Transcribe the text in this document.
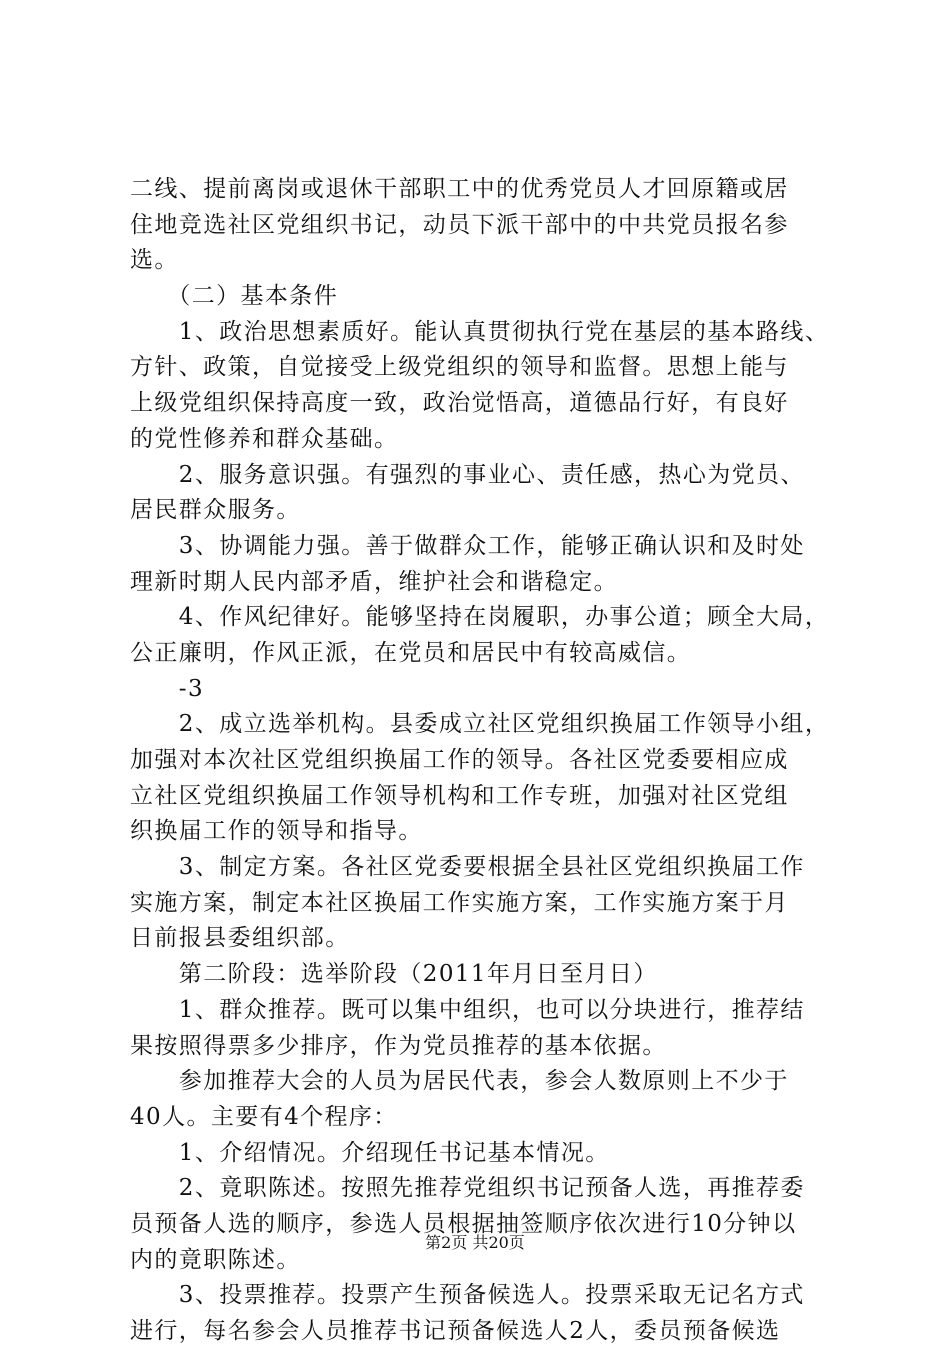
二线、提前离岗或退休干部职工中的优秀党员人才回原籍或居
住地竞选社区党组织书记，动员下派干部中的中共党员报名参
选。
　　（二）基本条件
　　1、政治思想素质好。能认真贯彻执行党在基层的基本路线、
方针、政策，自觉接受上级党组织的领导和监督。思想上能与
上级党组织保持高度一致，政治觉悟高，道德品行好，有良好
的党性修养和群众基础。
　　2、服务意识强。有强烈的事业心、责任感，热心为党员、
居民群众服务。
　　3、协调能力强。善于做群众工作，能够正确认识和及时处
理新时期人民内部矛盾，维护社会和谐稳定。
　　4、作风纪律好。能够坚持在岗履职，办事公道；顾全大局，
公正廉明，作风正派，在党员和居民中有较高威信。
　　-3
　　2、成立选举机构。县委成立社区党组织换届工作领导小组，
加强对本次社区党组织换届工作的领导。各社区党委要相应成
立社区党组织换届工作领导机构和工作专班，加强对社区党组
织换届工作的领导和指导。
　　3、制定方案。各社区党委要根据全县社区党组织换届工作
实施方案，制定本社区换届工作实施方案，工作实施方案于月
日前报县委组织部。
　　第二阶段：选举阶段（2011年月日至月日）
　　1、群众推荐。既可以集中组织，也可以分块进行，推荐结
果按照得票多少排序，作为党员推荐的基本依据。
　　参加推荐大会的人员为居民代表，参会人数原则上不少于
40人。主要有4个程序：
　　1、介绍情况。介绍现任书记基本情况。
　　2、竟职陈述。按照先推荐党组织书记预备人选，再推荐委
员预备人选的顺序，参选人员根据抽签顺序依次进行10分钟以
内的竟职陈述。
　　3、投票推荐。投票产生预备候选人。投票采取无记名方式
进行，每名参会人员推荐书记预备候选人2人，委员预备候选
第2页 共20页
